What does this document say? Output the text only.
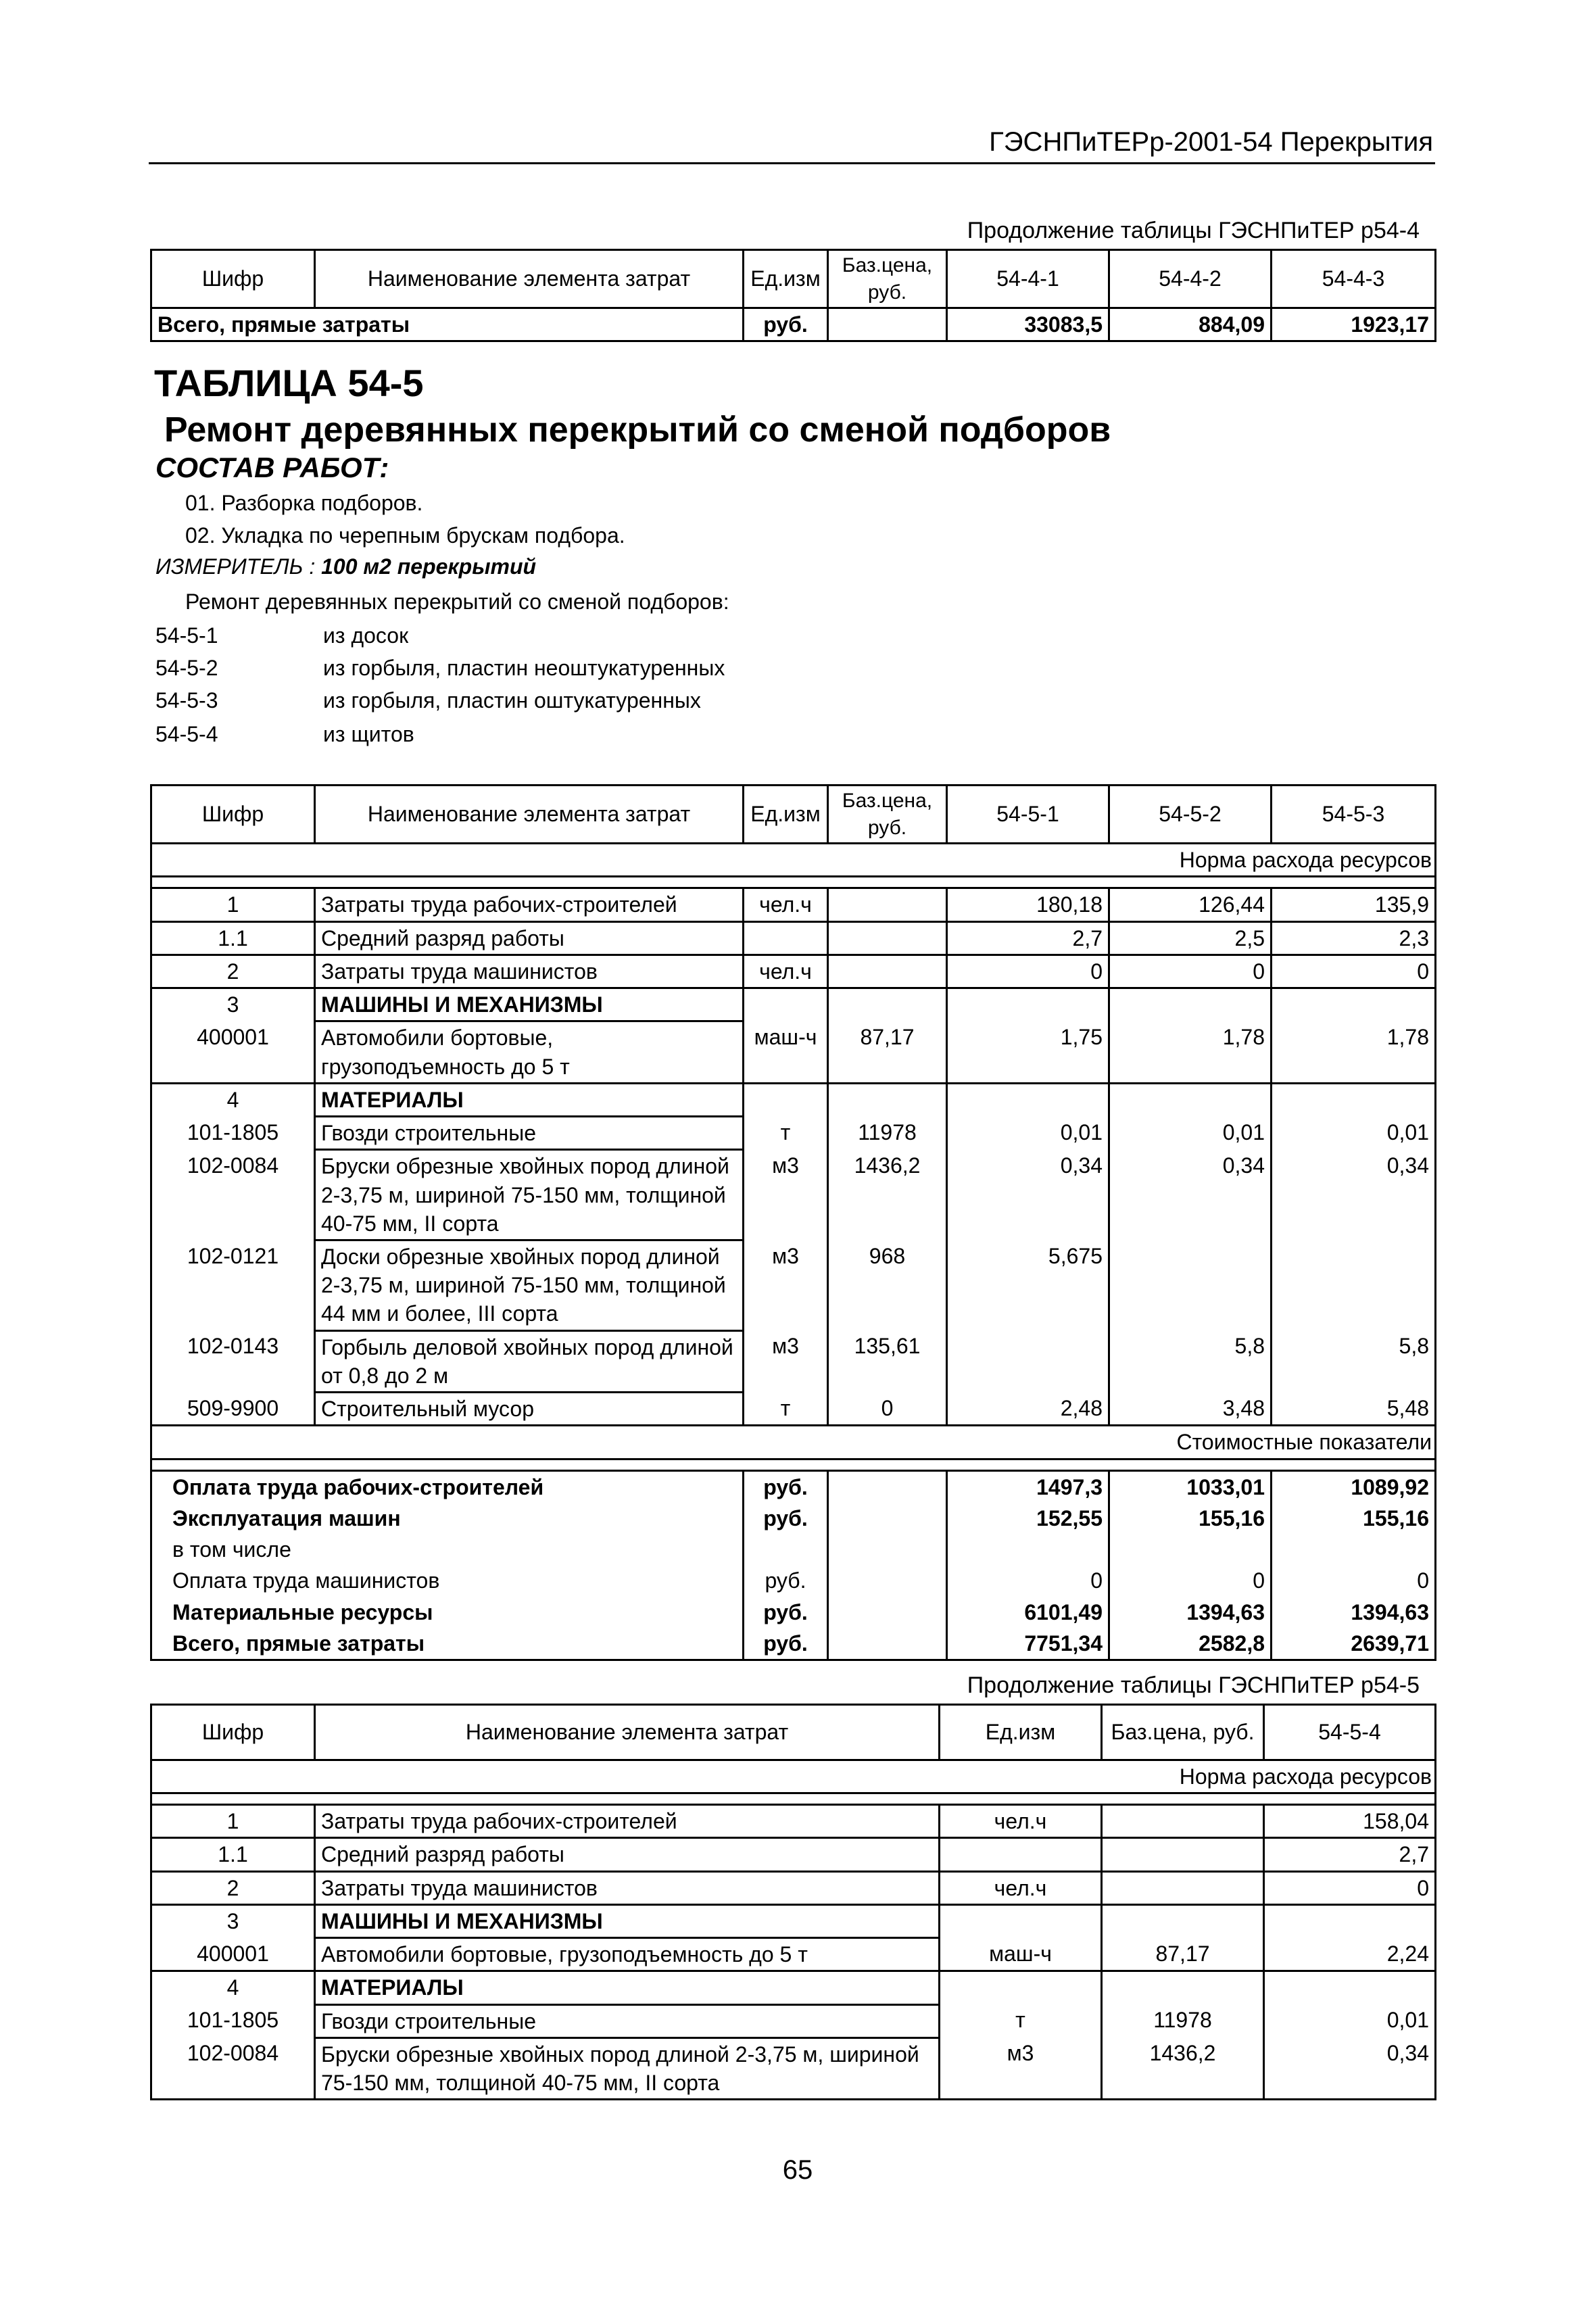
ГЭСНПиТЕРр-2001-54 Перекрытия
Продолжение таблицы ГЭСНПиТЕР р54-4
Шифр	Наименование элемента затрат	Ед.изм	Баз.цена, руб.	54-4-1	54-4-2	54-4-3
Всего, прямые затраты		руб.		33083,5	884,09	1923,17
ТАБЛИЦА 54-5
Ремонт деревянных перекрытий со сменой подборов
СОСТАВ РАБОТ:
01. Разборка подборов.
02. Укладка по черепным брускам подбора.
ИЗМЕРИТЕЛЬ : 100 м2 перекрытий
Ремонт деревянных перекрытий со сменой подборов:
54-5-1	из досок
54-5-2	из горбыля, пластин неоштукатуренных
54-5-3	из горбыля, пластин оштукатуренных
54-5-4	из щитов
Шифр	Наименование элемента затрат	Ед.изм	Баз.цена, руб.	54-5-1	54-5-2	54-5-3
Норма расхода ресурсов						

1	Затраты труда рабочих-строителей	чел.ч		180,18	126,44	135,9
1.1	Средний разряд работы			2,7	2,5	2,3
2	Затраты труда машинистов	чел.ч		0	0	0
3	МАШИНЫ И МЕХАНИЗМЫ					
400001	Автомобили бортовые, грузоподъемность до 5 т	маш-ч	87,17	1,75	1,78	1,78
4	МАТЕРИАЛЫ					
101-1805	Гвозди строительные	т	11978	0,01	0,01	0,01
102-0084	Бруски обрезные хвойных пород длиной 2-3,75 м, шириной 75-150 мм, толщиной 40-75 мм, II сорта	м3	1436,2	0,34	0,34	0,34
102-0121	Доски обрезные хвойных пород длиной 2-3,75 м, шириной 75-150 мм, толщиной 44 мм и более, III сорта	м3	968	5,675		
102-0143	Горбыль деловой хвойных пород длиной от 0,8 до 2 м	м3	135,61		5,8	5,8
509-9900	Строительный мусор	т	0	2,48	3,48	5,48
Стоимостные показатели						

Оплата труда рабочих-строителей		руб.		1497,3	1033,01	1089,92
Эксплуатация машин		руб.		152,55	155,16	155,16
в том числе						
Оплата труда машинистов		руб.		0	0	0
Материальные ресурсы		руб.		6101,49	1394,63	1394,63
Всего, прямые затраты		руб.		7751,34	2582,8	2639,71
Продолжение таблицы ГЭСНПиТЕР р54-5
Шифр	Наименование элемента затрат	Ед.изм	Баз.цена, руб.	54-5-4
Норма расхода ресурсов				

1	Затраты труда рабочих-строителей	чел.ч		158,04
1.1	Средний разряд работы			2,7
2	Затраты труда машинистов	чел.ч		0
3	МАШИНЫ И МЕХАНИЗМЫ			
400001	Автомобили бортовые, грузоподъемность до 5 т	маш-ч	87,17	2,24
4	МАТЕРИАЛЫ			
101-1805	Гвозди строительные	т	11978	0,01
102-0084	Бруски обрезные хвойных пород длиной 2-3,75 м, шириной 75-150 мм, толщиной 40-75 мм, II сорта	м3	1436,2	0,34
65
